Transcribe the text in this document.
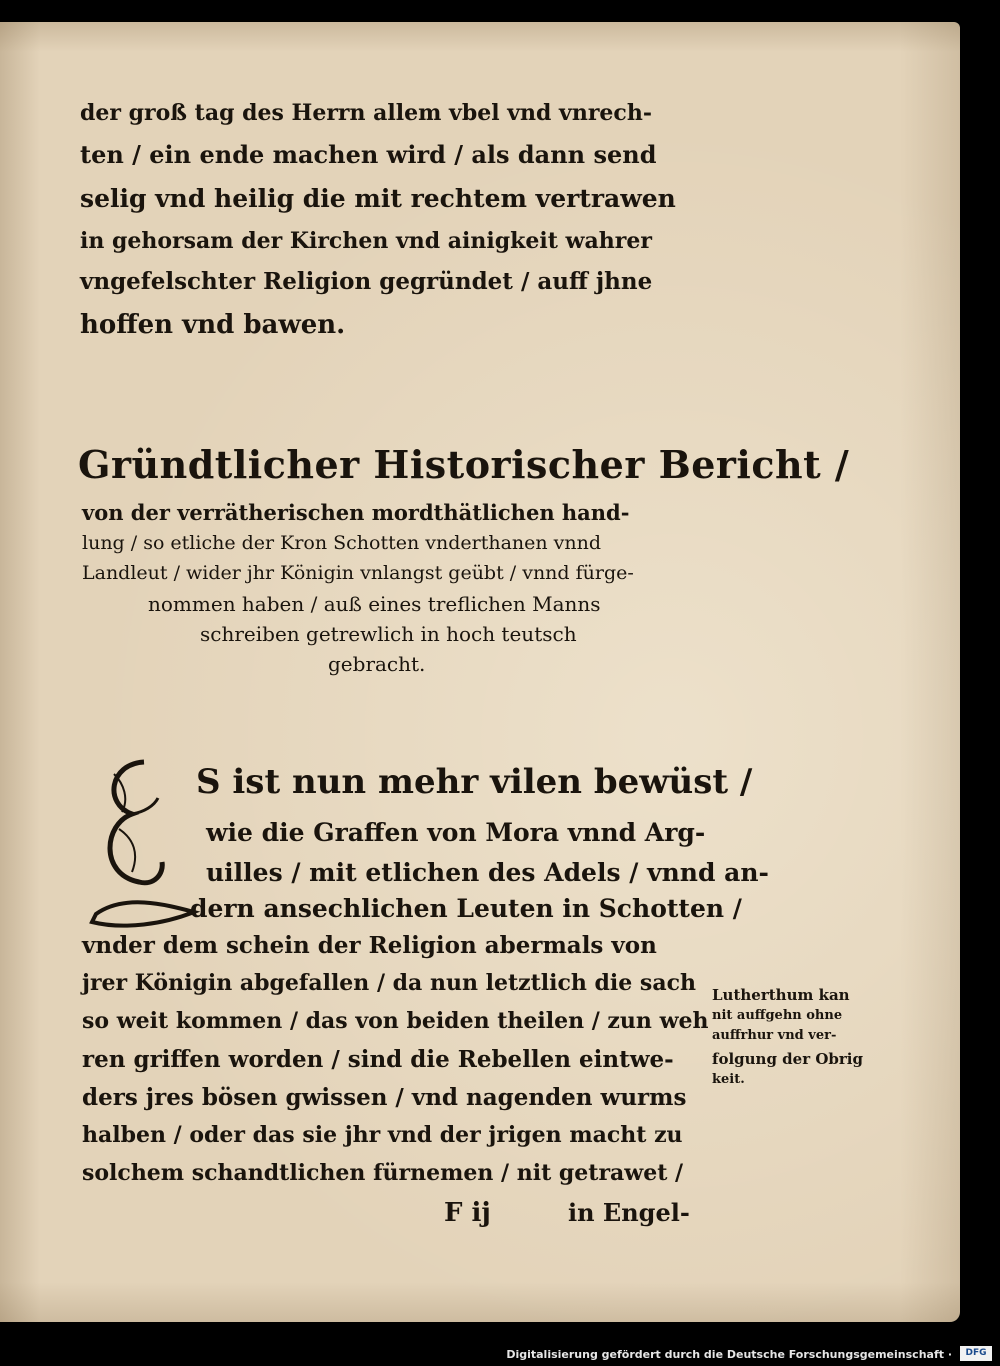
der groß tag des Herrn allem vbel vnd vnrech‑
ten / ein ende machen wird / als dann send
selig vnd heilig die mit rechtem vertrawen
in gehorsam der Kirchen vnd ainigkeit wahrer
vngefelschter Religion gegründet / auff jhne
hoffen vnd bawen.
Gründtlicher Historischer Bericht /
von der verrätherischen mordthätlichen hand‑
lung / so etliche der Kron Schotten vnderthanen vnnd
Landleut / wider jhr Königin vnlangst geübt / vnnd fürge‑
nommen haben / auß eines treflichen Manns
schreiben getrewlich in hoch teutsch
gebracht.
S ist nun mehr vilen bewüst /
wie die Graffen von Mora vnnd Arg‑
uilles / mit etlichen des Adels / vnnd an‑
dern ansechlichen Leuten in Schotten /
vnder dem schein der Religion abermals von
jrer Königin abgefallen / da nun letztlich die sach
so weit kommen / das von beiden theilen / zun weh
ren griffen worden / sind die Rebellen eintwe‑
ders jres bösen gwissen / vnd nagenden wurms
halben / oder das sie jhr vnd der jrigen macht zu
solchem schandtlichen fürnemen / nit getrawet /
F ij	in Engel‑
Lutherthum kan
nit auffgehn ohne
auffrhur vnd ver‑
folgung der Obrig
keit.
Digitalisierung gefördert durch die Deutsche Forschungsgemeinschaft ·	DFG
